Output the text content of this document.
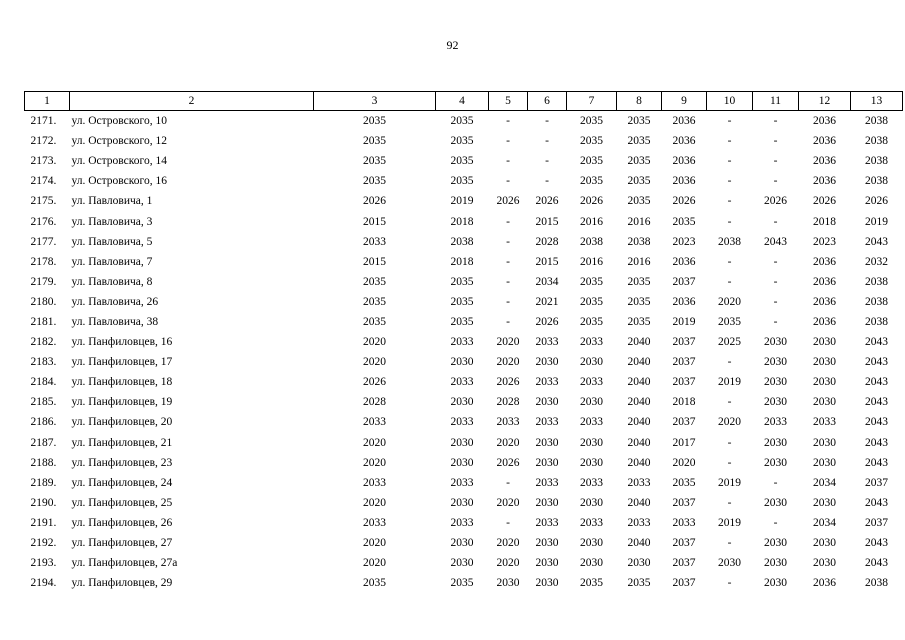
92
1	2	3	4	5	6	7	8	9	10	11	12	13
2171.	ул. Островского, 10	2035	2035	-	-	2035	2035	2036	-	-	2036	2038
2172.	ул. Островского, 12	2035	2035	-	-	2035	2035	2036	-	-	2036	2038
2173.	ул. Островского, 14	2035	2035	-	-	2035	2035	2036	-	-	2036	2038
2174.	ул. Островского, 16	2035	2035	-	-	2035	2035	2036	-	-	2036	2038
2175.	ул. Павловича, 1	2026	2019	2026	2026	2026	2035	2026	-	2026	2026	2026
2176.	ул. Павловича, 3	2015	2018	-	2015	2016	2016	2035	-	-	2018	2019
2177.	ул. Павловича, 5	2033	2038	-	2028	2038	2038	2023	2038	2043	2023	2043
2178.	ул. Павловича, 7	2015	2018	-	2015	2016	2016	2036	-	-	2036	2032
2179.	ул. Павловича, 8	2035	2035	-	2034	2035	2035	2037	-	-	2036	2038
2180.	ул. Павловича, 26	2035	2035	-	2021	2035	2035	2036	2020	-	2036	2038
2181.	ул. Павловича, 38	2035	2035	-	2026	2035	2035	2019	2035	-	2036	2038
2182.	ул. Панфиловцев, 16	2020	2033	2020	2033	2033	2040	2037	2025	2030	2030	2043
2183.	ул. Панфиловцев, 17	2020	2030	2020	2030	2030	2040	2037	-	2030	2030	2043
2184.	ул. Панфиловцев, 18	2026	2033	2026	2033	2033	2040	2037	2019	2030	2030	2043
2185.	ул. Панфиловцев, 19	2028	2030	2028	2030	2030	2040	2018	-	2030	2030	2043
2186.	ул. Панфиловцев, 20	2033	2033	2033	2033	2033	2040	2037	2020	2033	2033	2043
2187.	ул. Панфиловцев, 21	2020	2030	2020	2030	2030	2040	2017	-	2030	2030	2043
2188.	ул. Панфиловцев, 23	2020	2030	2026	2030	2030	2040	2020	-	2030	2030	2043
2189.	ул. Панфиловцев, 24	2033	2033	-	2033	2033	2033	2035	2019	-	2034	2037
2190.	ул. Панфиловцев, 25	2020	2030	2020	2030	2030	2040	2037	-	2030	2030	2043
2191.	ул. Панфиловцев, 26	2033	2033	-	2033	2033	2033	2033	2019	-	2034	2037
2192.	ул. Панфиловцев, 27	2020	2030	2020	2030	2030	2040	2037	-	2030	2030	2043
2193.	ул. Панфиловцев, 27а	2020	2030	2020	2030	2030	2030	2037	2030	2030	2030	2043
2194.	ул. Панфиловцев, 29	2035	2035	2030	2030	2035	2035	2037	-	2030	2036	2038
